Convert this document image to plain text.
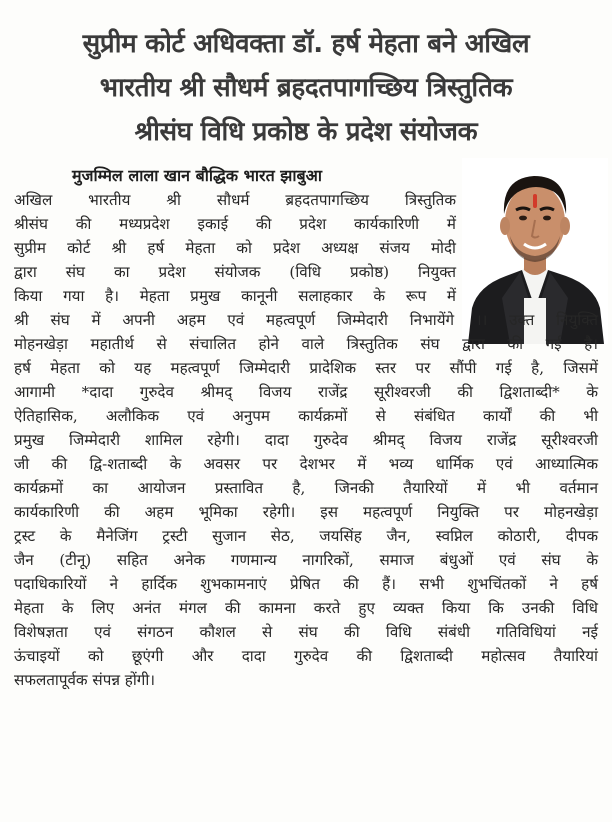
सुप्रीम कोर्ट अधिवक्ता डॉ. हर्ष मेहता बने अखिल
भारतीय श्री सौधर्म ब्रहदतपागच्छिय त्रिस्तुतिक
श्रीसंघ विधि प्रकोष्ठ के प्रदेश संयोजक
मुजम्मिल लाला खान बौद्धिक भारत झाबुआ
अखिल भारतीय श्री सौधर्म ब्रहदतपागच्छिय त्रिस्तुतिक
श्रीसंघ की मध्यप्रदेश इकाई की प्रदेश कार्यकारिणी में
सुप्रीम कोर्ट श्री हर्ष मेहता को प्रदेश अध्यक्ष संजय मोदी
द्वारा संघ का प्रदेश संयोजक (विधि प्रकोष्ठ) नियुक्त
किया गया है। मेहता प्रमुख कानूनी सलाहकार के रूप में
श्री संघ में अपनी अहम एवं महत्वपूर्ण जिम्मेदारी निभायेंगे ।। उक्त नियुक्ति
मोहनखेड़ा महातीर्थ से संचालित होने वाले त्रिस्तुतिक संघ द्वारा की गई है।
हर्ष मेहता को यह महत्वपूर्ण जिम्मेदारी प्रादेशिक स्तर पर सौंपी गई है, जिसमें
आगामी *दादा गुरुदेव श्रीमद् विजय राजेंद्र सूरीश्वरजी की द्विशताब्दी* के
ऐतिहासिक, अलौकिक एवं अनुपम कार्यक्रमों से संबंधित कार्यों की भी
प्रमुख जिम्मेदारी शामिल रहेगी। दादा गुरुदेव श्रीमद् विजय राजेंद्र सूरीश्वरजी
जी की द्वि-शताब्दी के अवसर पर देशभर में भव्य धार्मिक एवं आध्यात्मिक
कार्यक्रमों का आयोजन प्रस्तावित है, जिनकी तैयारियों में भी वर्तमान
कार्यकारिणी की अहम भूमिका रहेगी। इस महत्वपूर्ण नियुक्ति पर मोहनखेड़ा
ट्रस्ट के मैनेजिंग ट्रस्टी सुजान सेठ, जयसिंह जैन, स्वप्निल कोठारी, दीपक
जैन (टीनू) सहित अनेक गणमान्य नागरिकों, समाज बंधुओं एवं संघ के
पदाधिकारियों ने हार्दिक शुभकामनाएं प्रेषित की हैं। सभी शुभचिंतकों ने हर्ष
मेहता के लिए अनंत मंगल की कामना करते हुए व्यक्त किया कि उनकी विधि
विशेषज्ञता एवं संगठन कौशल से संघ की विधि संबंधी गतिविधियां नई
ऊंचाइयों को छूएंगी और दादा गुरुदेव की द्विशताब्दी महोत्सव तैयारियां
सफलतापूर्वक संपन्न होंगी।
